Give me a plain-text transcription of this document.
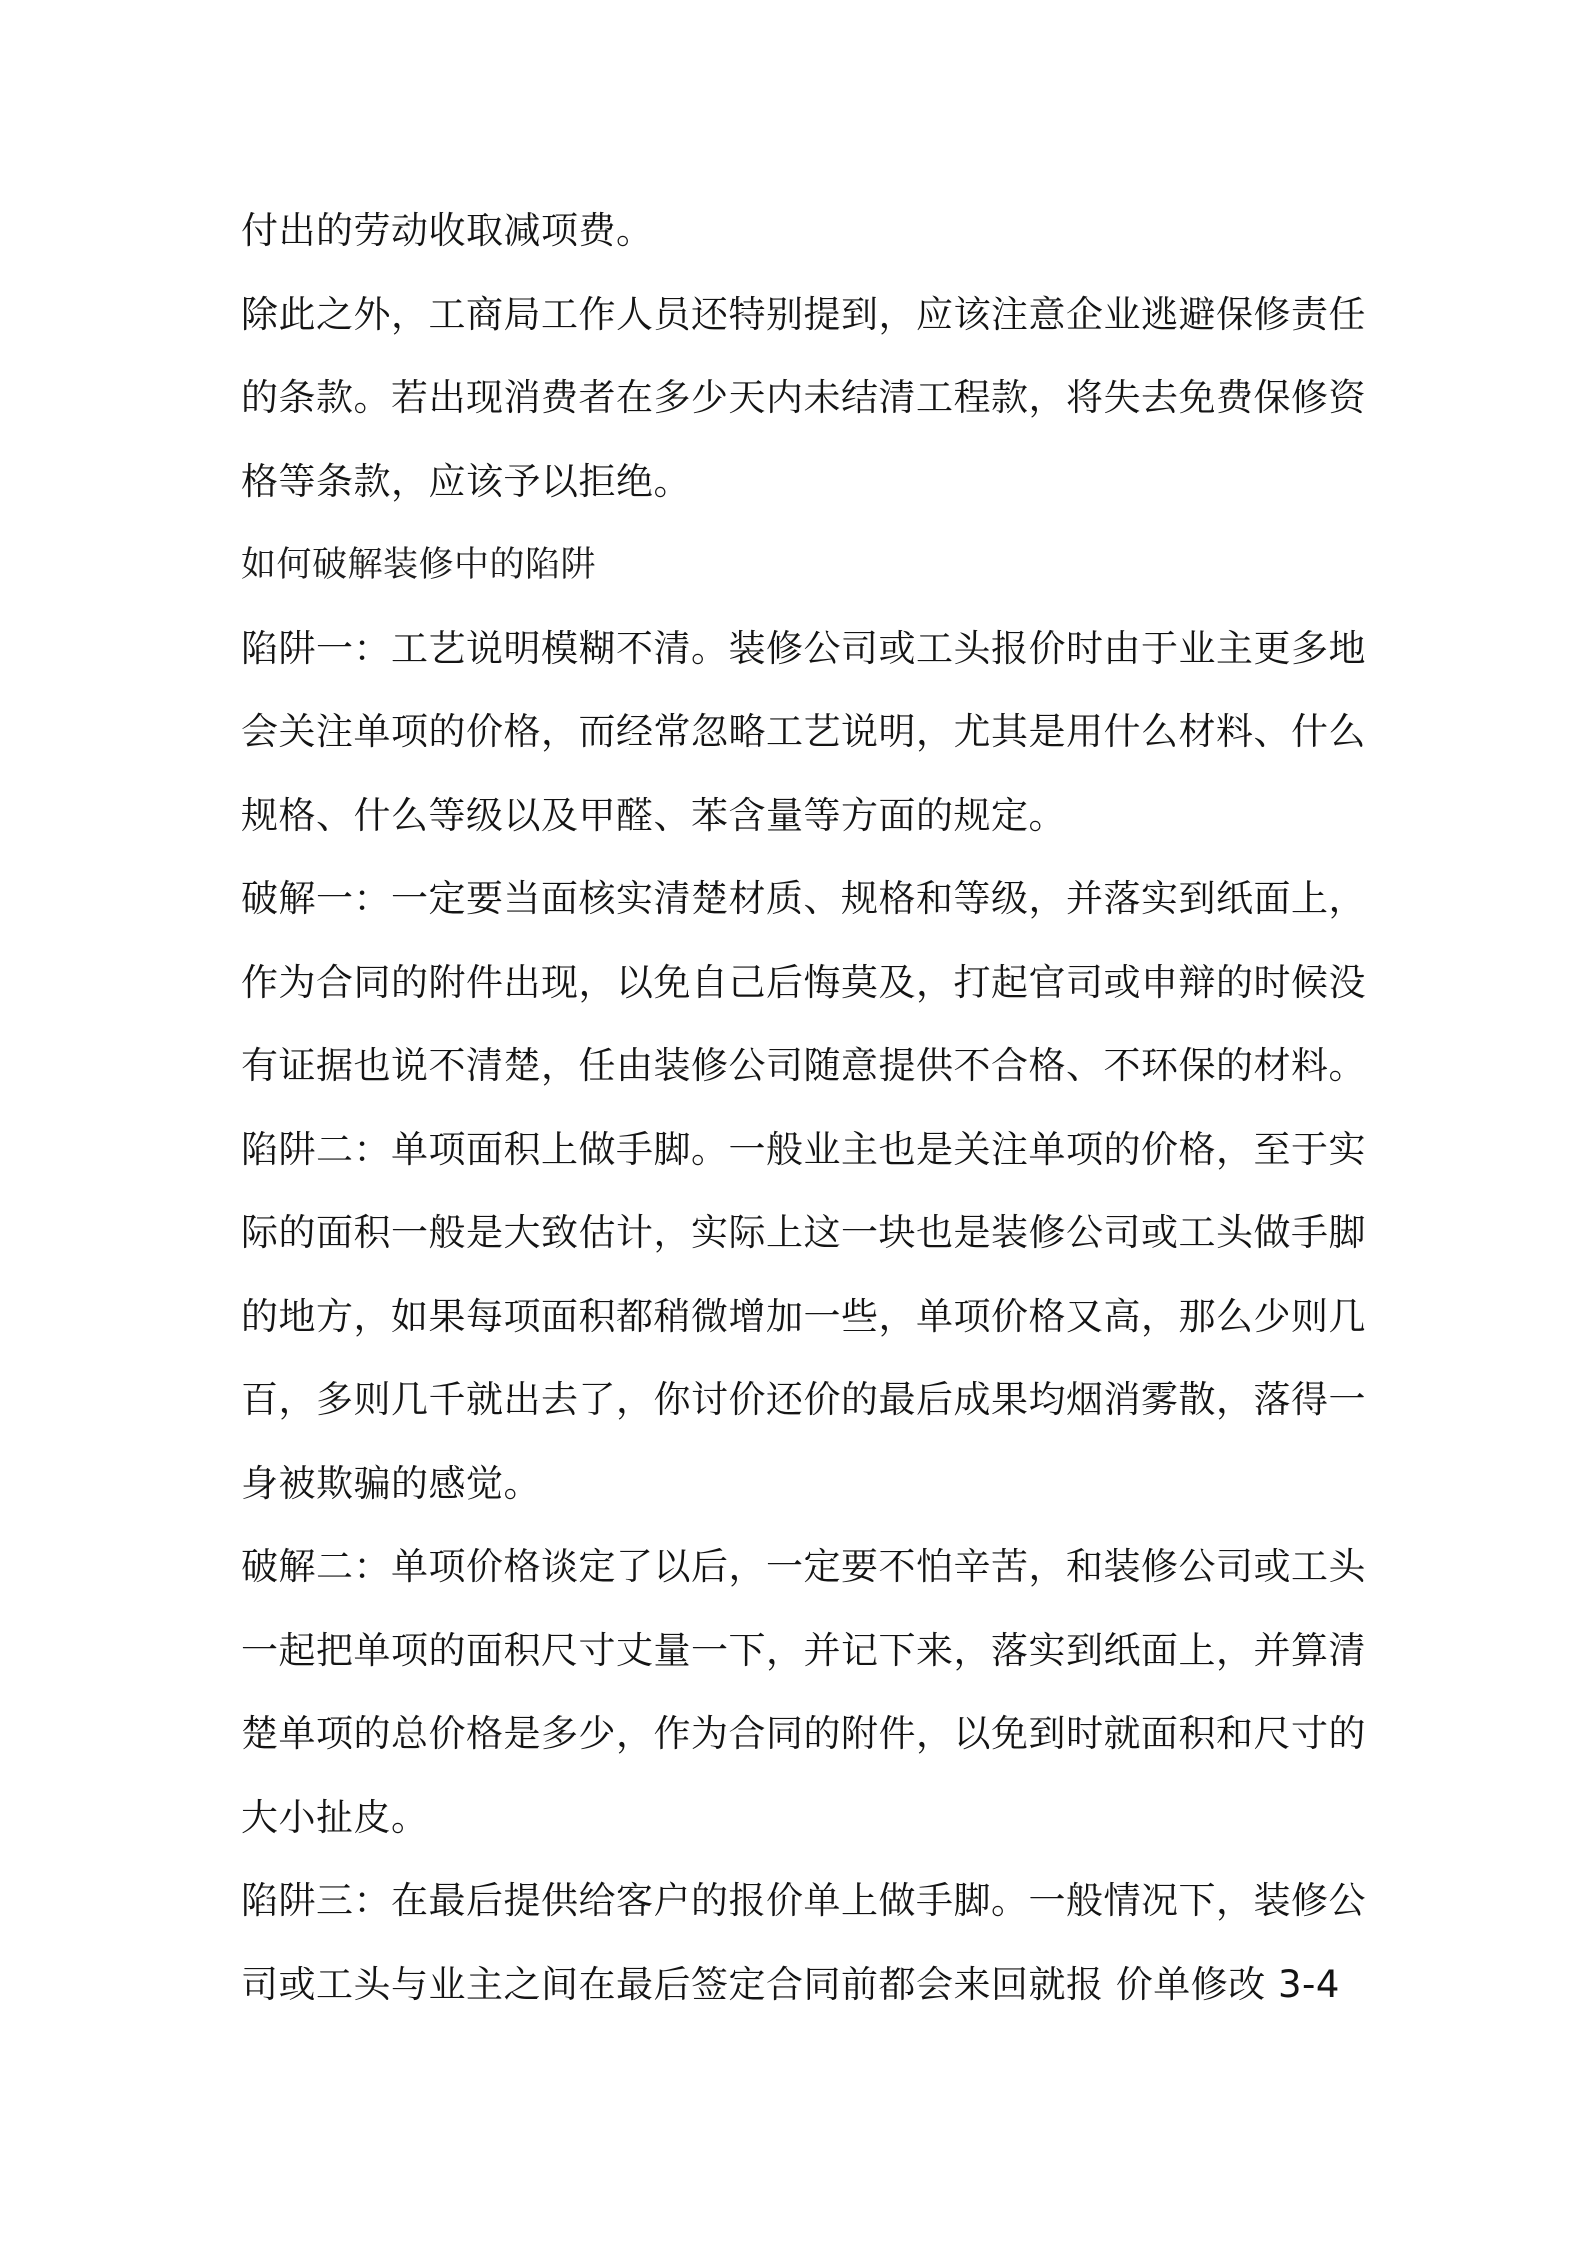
付出的劳动收取减项费。
除此之外，工商局工作人员还特别提到，应该注意企业逃避保修责任
的条款。若出现消费者在多少天内未结清工程款，将失去免费保修资
格等条款，应该予以拒绝。
如何破解装修中的陷阱
陷阱一：工艺说明模糊不清。装修公司或工头报价时由于业主更多地
会关注单项的价格，而经常忽略工艺说明，尤其是用什么材料、什么
规格、什么等级以及甲醛、苯含量等方面的规定。
破解一：一定要当面核实清楚材质、规格和等级，并落实到纸面上，
作为合同的附件出现，以免自己后悔莫及，打起官司或申辩的时候没
有证据也说不清楚，任由装修公司随意提供不合格、不环保的材料。
陷阱二：单项面积上做手脚。一般业主也是关注单项的价格，至于实
际的面积一般是大致估计，实际上这一块也是装修公司或工头做手脚
的地方，如果每项面积都稍微增加一些，单项价格又高，那么少则几
百，多则几千就出去了，你讨价还价的最后成果均烟消雾散，落得一
身被欺骗的感觉。
破解二：单项价格谈定了以后，一定要不怕辛苦，和装修公司或工头
一起把单项的面积尺寸丈量一下，并记下来，落实到纸面上，并算清
楚单项的总价格是多少，作为合同的附件，以免到时就面积和尺寸的
大小扯皮。
陷阱三：在最后提供给客户的报价单上做手脚。一般情况下，装修公
司或工头与业主之间在最后签定合同前都会来回就报 价单修改 3-4
